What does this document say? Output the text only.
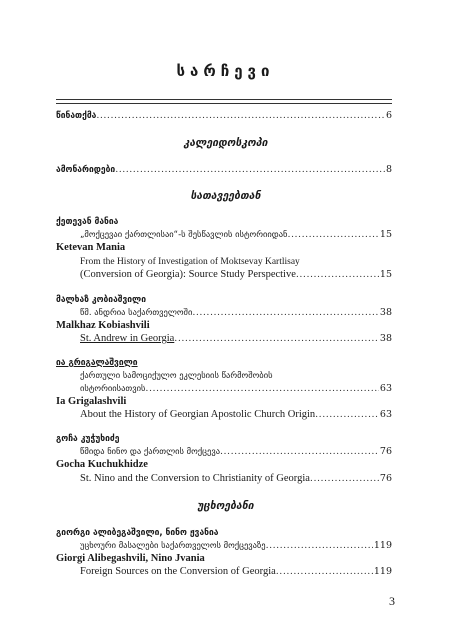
სარჩევი
წინათქმა .....	6
კალეიდოსკოპი
ამონარიდები .....	8
სათავეებთან
ქეთევან მანია
„მოქცევაი ქართლისაი“-ს შესწავლის ისტორიიდან .....	15
Ketevan Mania
From the History of Investigation of Moktsevay Kartlisay
(Conversion of Georgia): Source Study Perspective .....	15
მალხაზ კობიაშვილი
წმ. ანდრია საქართველოში .....	38
Malkhaz Kobiashvili
St. Andrew in Georgia .....	38
ია გრიგალაშვილი
ქართული სამოციქულო ეკლესიის წარმოშობის
ისტორიისათვის .....	63
Ia Grigalashvili
About the History of Georgian Apostolic Church Origin .....	63
გოჩა კუჭუხიძე
წმიდა ნინო და ქართლის მოქცევა .....	76
Gocha Kuchukhidze
St. Nino and the Conversion to Christianity of Georgia .....	76
უცხოებანი
გიორგი ალიბეგაშვილი, ნინო ჟვანია
უცხოური მასალები საქართველოს მოქცევაზე .....	119
Giorgi Alibegashvili, Nino Jvania
Foreign Sources on the Conversion of Georgia .....	119
3
